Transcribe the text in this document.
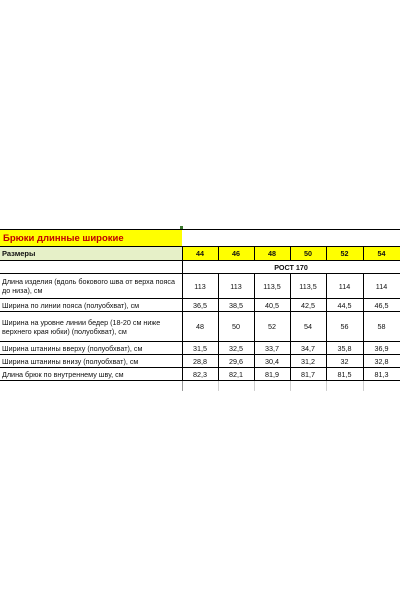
Брюки длинные широкие						
Размеры	44	46	48	50	52	54
	РОСТ 170					
Длина изделия (вдоль бокового шва от верха пояса до низа), см	113	113	113,5	113,5	114	114
Ширина по линии пояса (полуобхват), см	36,5	38,5	40,5	42,5	44,5	46,5
Ширина на уровне линии бедер (18-20 см ниже верхнего края юбки) (полуобхват), см	48	50	52	54	56	58
Ширина штанины вверху (полуобхват), см	31,5	32,5	33,7	34,7	35,8	36,9
Ширина штанины внизу (полуобхват), см	28,8	29,6	30,4	31,2	32	32,8
Длина брюк по внутреннему шву, см	82,3	82,1	81,9	81,7	81,5	81,3
